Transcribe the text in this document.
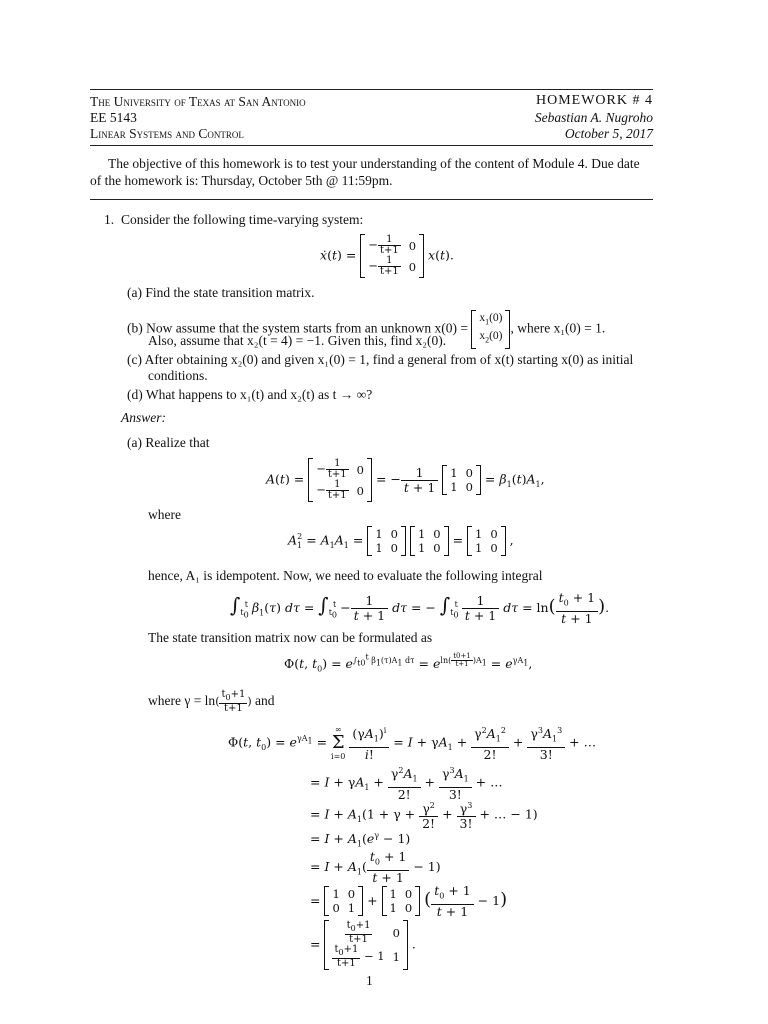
The University of Texas at San Antonio
EE 5143
Linear Systems and Control
HOMEWORK # 4
Sebastian A. Nugroho
October 5, 2017
The objective of this homework is to test your understanding of the content of Module 4. Due date
of the homework is: Thursday, October 5th @ 11:59pm.
1. Consider the following time-varying system:
ẋ(t) =
− $\frac{1}{t+1}$	0
− $\frac{1}{t+1}$	0
x(t).
(a) Find the state transition matrix.
(b) Now assume that the system starts from an unknown x(0) =
$x_1(0)$
$x_2(0)$
, where x₁(0) = 1.
Also, assume that x₂(t = 4) = −1. Given this, find x₂(0).
(c) After obtaining x₂(0) and given x₁(0) = 1, find a general from of x(t) starting x(0) as initial
conditions.
(d) What happens to x₁(t) and x₂(t) as t → ∞?
Answer:
(a) Realize that
A(t) =
− $\frac{1}{t+1}$	0
− $\frac{1}{t+1}$	0
= − $\frac{1}{t + 1}$
1	0
1	0
= $\beta_1(t)A_1$,
where
$A_1^2 = A_1A_1 = 1$	0
1	0

1	0
1	0
= 1	0
1	0
,
hence, A₁ is idempotent. Now, we need to evaluate the following integral
$\int_{t_0}^t$ $\beta_1(\tau) d\tau = \int_{t_0}^t - \frac{1}{t + 1}$ dτ = − $\int_{t_0}^t \frac{1}{t + 1}$ $d\tau = \ln( \frac{t_0 + 1}{t + 1}$ ).
The state transition matrix now can be formulated as
Φ(t, $t_0) = e^{\int_{t0}^t \beta_1(\tau)A_1 d\tau} = e^{ln( \frac{t0+1}{t+1} )A_1} = e^{\gamma A_1}$,
where $\gamma = \ln( \frac{t_0+1}{t+1}$ ) and
Φ(t, $t_0) = e^{\gamma A_1}$ =
∞
Σ
i=0
$\frac{(\gamma A_1)^i}{i!} = I + \gamma A_1 + \frac{\gamma^2A_1^2}{2!} + \frac{\gamma^3A_1^3}{3!}$ + …
= $I + \gamma A_1 + \frac{\gamma^2A_1}{2!} + \frac{\gamma^3A_1}{3!}$ + …
= $I + A_1(1 + \gamma + \frac{\gamma^2}{2!} + \frac{\gamma^3}{3!}$ + … − 1)
= $I + A_1(e^\gamma - 1)$
= $I + A_1( \frac{t_0 + 1}{t + 1} - 1)$
= 1	0
0	1
+ 1	0
1	0 ( $\frac{t_0 + 1}{t + 1} - 1$)
= $\frac{t_0+1}{t+1}$	0

$\frac{t_0+1}{t+1} - 1$	1
.
1
